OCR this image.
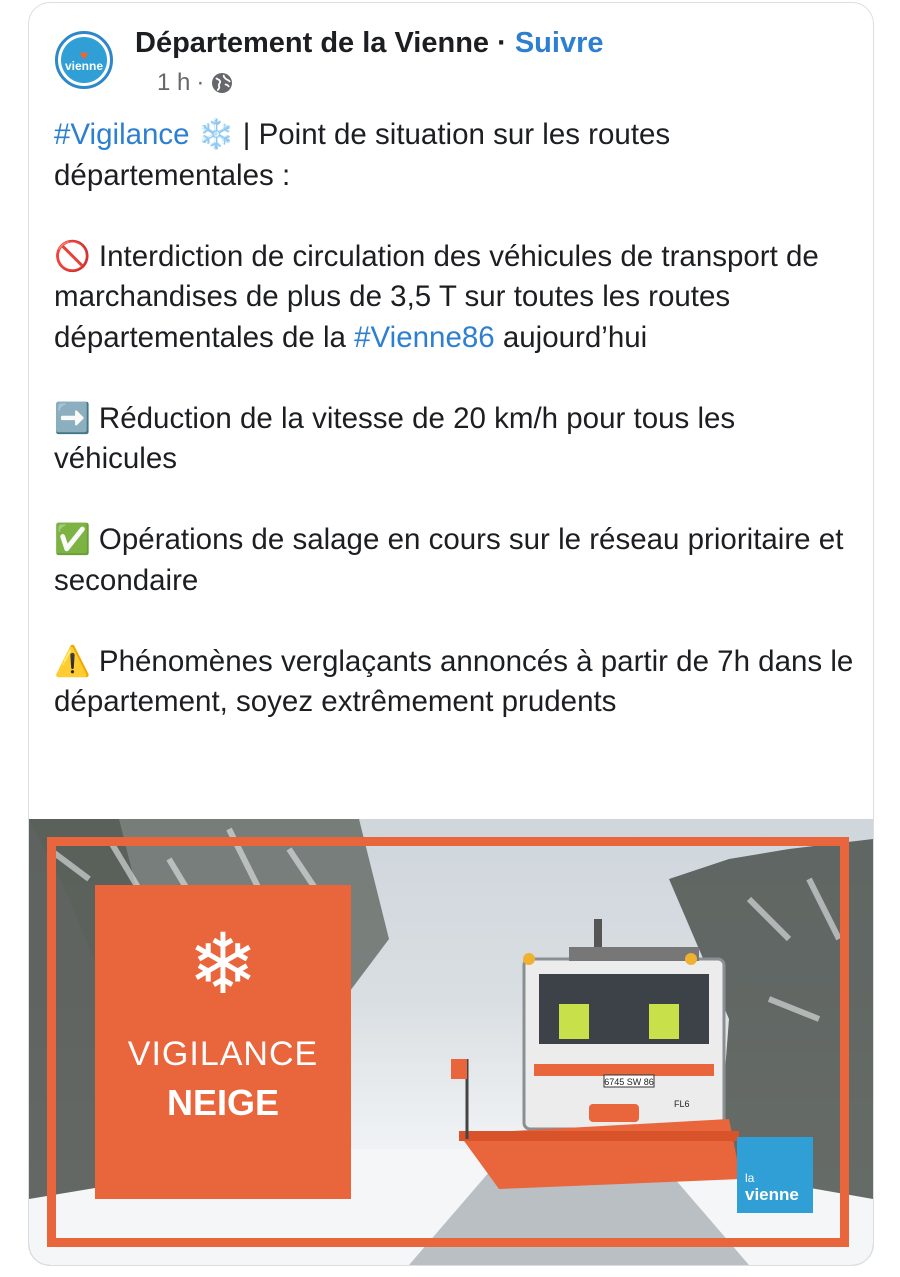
♥
vienne
Département de la Vienne · Suivre
1 h ·

#Vigilance ❄️ | Point de situation sur les routes départementales :

🚫 Interdiction de circulation des véhicules de transport de marchandises de plus de 3,5 T sur toutes les routes départementales de la #Vienne86 aujourd’hui

➡️ Réduction de la vitesse de 20 km/h pour tous les véhicules

✅ Opérations de salage en cours sur le réseau prioritaire et secondaire

⚠️ Phénomènes verglaçants annoncés à partir de 7h dans le département, soyez extrêmement prudents

6745 SW 86
FL6
❄
VIGILANCE
NEIGE
la
vienne
